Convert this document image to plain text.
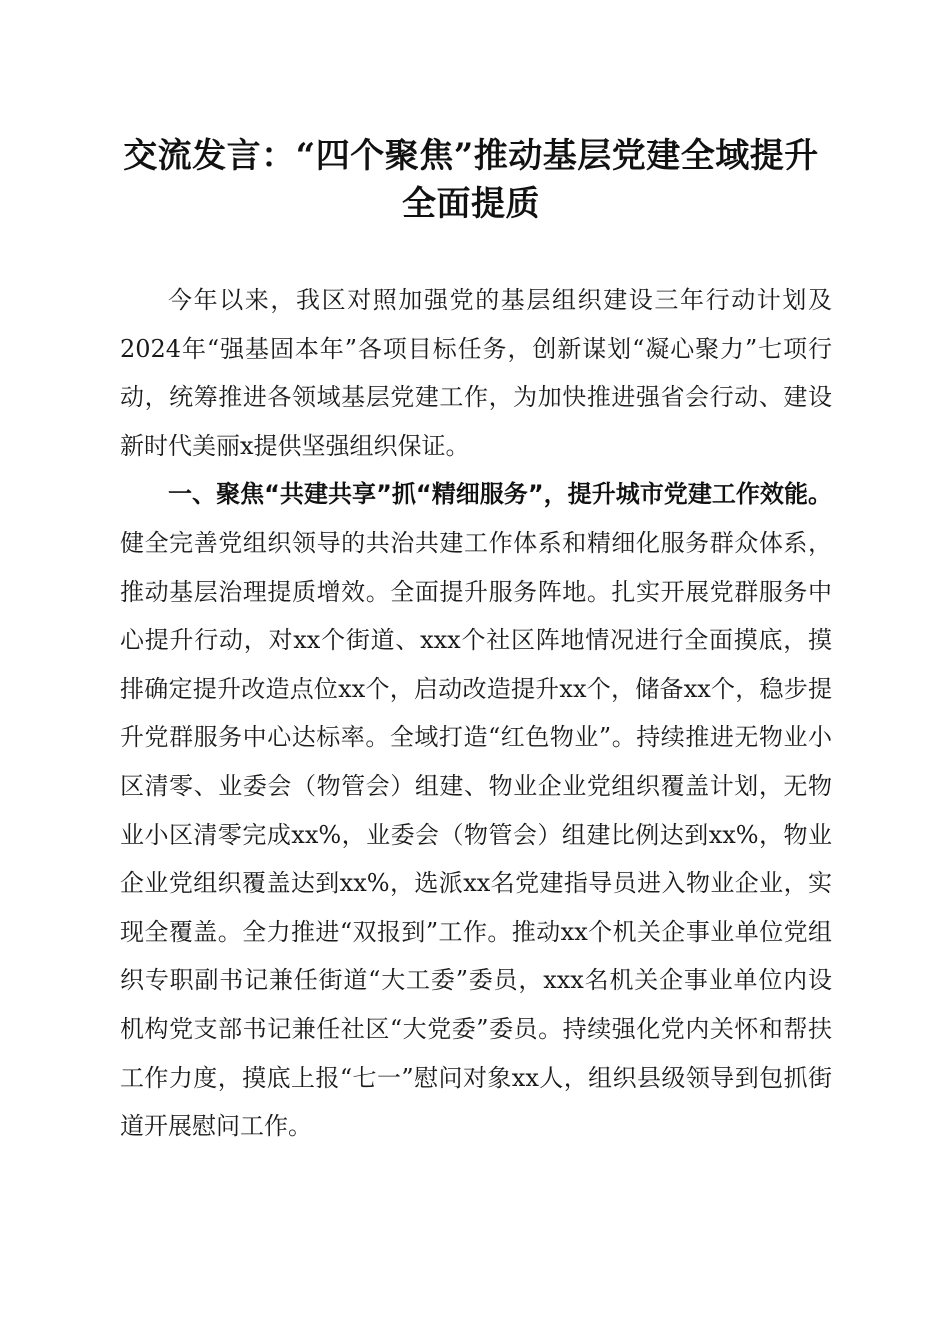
交流发言：“四个聚焦”推动基层党建全域提升全面提质

今年以来，我区对照加强党的基层组织建设三年行动计划及2024年“强基固本年”各项目标任务，创新谋划“凝心聚力”七项行动，统筹推进各领域基层党建工作，为加快推进强省会行动、建设新时代美丽x提供坚强组织保证。

一、聚焦“共建共享”抓“精细服务”，提升城市党建工作效能。健全完善党组织领导的共治共建工作体系和精细化服务群众体系，推动基层治理提质增效。全面提升服务阵地。扎实开展党群服务中心提升行动，对xx个街道、xxx个社区阵地情况进行全面摸底，摸排确定提升改造点位xx个，启动改造提升xx个，储备xx个，稳步提升党群服务中心达标率。全域打造“红色物业”。持续推进无物业小区清零、业委会（物管会）组建、物业企业党组织覆盖计划，无物业小区清零完成xx%，业委会（物管会）组建比例达到xx%，物业企业党组织覆盖达到xx%，选派xx名党建指导员进入物业企业，实现全覆盖。全力推进“双报到”工作。推动xx个机关企事业单位党组织专职副书记兼任街道“大工委”委员，xxx名机关企事业单位内设机构党支部书记兼任社区“大党委”委员。持续强化党内关怀和帮扶工作力度，摸底上报“七一”慰问对象xx人，组织县级领导到包抓街道开展慰问工作。
